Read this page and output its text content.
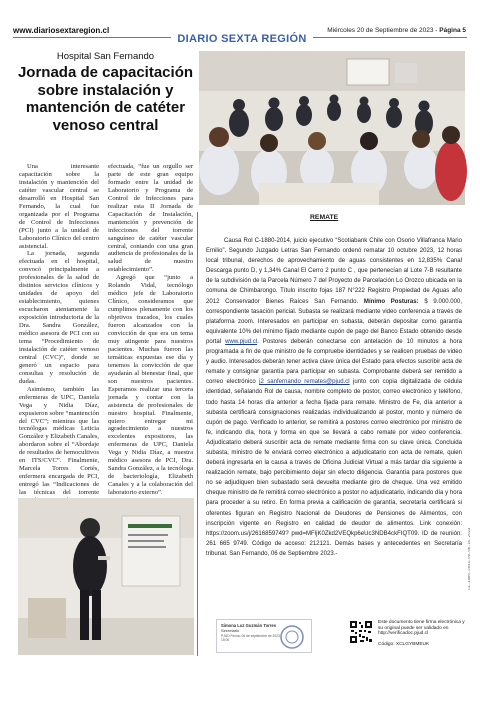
www.diariosextaregion.cl	Miércoles 20 de Septiembre de 2023 - Página 5
DIARIO SEXTA REGIÓN
Hospital San Fernando
Jornada de capacitación sobre instalación y mantención de catéter venoso central

Una interesante capacitación sobre la instalación y mantención del catéter vascular central se desarrolló en Hospital San Fernando, la cual fue organizada por el Programa de Control de Infecciones (PCI) junto a la unidad de Laboratorio Clínico del centro asistencial.

La jornada, segunda efectuada en el hospital, convocó principalmente a profesionales de la salud de distintos servicios clínicos y unidades de apoyo del establecimiento, quienes escucharon atentamente la exposición introductoria de la Dra. Sandra González, médico asesora de PCI con su tema “Procedimiento de instalación de catéter venoso central (CVC)”, donde se generó un espacio para consultas y resolución de dudas.

Asimismo, también las enfermeras de UPC, Daniela Vega y Nidia Díaz, expusieron sobre “mantención del CVC”; mientras que las tecnólogas médicas Leticia González y Elizabeth Canales, abordaron sobre el “Abordaje de resultados de hemocultivos en ITS/CVC”. Finalmente, Marcela Torres Cortés, enfermera encargada de PCI, entregó las “Indicaciones de las técnicas del torrente

efectuada, “fue un orgullo ser parte de este gran equipo formado entre la unidad de Laboratorio y Programa de Control de Infecciones para realizar esta II Jornada de Capacitación de Instalación, mantención y prevención de infecciones del torrente sanguíneo de catéter vascular central, contando con una gran audiencia de profesionales de la salud de nuestro establecimiento”.

Agregó que “junto a Rolando Vidal, tecnólogo médico jefe de Laboratorio Clínico, consideramos que cumplimos plenamente con los objetivos trazados, los cuales fueron alcanzados con la convicción de que era un tema muy atingente para nuestros pacientes. Muchas fueron las temáticas expuestas ese día y tenemos la convicción de que ayudarán al bienestar final, que son nuestros pacientes. Esperamos realizar una tercera jornada y contar con la asistencia de profesionales de nuestro hospital. Finalmente, quiero entregar mi agradecimiento a nuestros excelentes expositores, las enfermeras de UPC, Daniela Vega y Nidia Díaz, a nuestra médico asesora de PCI, Dra. Sandra González, a la tecnóloga de bacteriología, Elizabeth Canales y a la colaboración del laboratorio externo”.

REMATE

Causa Rol C-1880-2014, juicio ejecutivo “Scotiabank Chile con Osorio Villafranca Mario Emilio”. Segundo Juzgado Letras San Fernando ordenó rematar 10 octubre 2023, 12 horas local tribunal, derechos de aprovechamiento de aguas consistentes en 12,835% Canal Descarga punto D, y 1,34% Canal El Cerro 2 punto C , que pertenecían al Lote 7-B resultante de la subdivisión de la Parcela Número 7 del Proyecto de Parcelación Lo Orozco ubicada en la comuna de Chimbarongo. Título inscrito fojas 187 N°222 Registro Propiedad de Aguas año 2012 Conservador Bienes Raíces San Fernando. Mínimo Posturas: $ 9.000.000, correspondiente tasación pericial. Subasta se realizará mediante video conferencia a través de plataforma zoom. Interesados en participar en subasta, deberán depositar como garantía equivalente 10% del mínimo fijado mediante cupón de pago del Banco Estado obtenido desde portal www.pjud.cl. Postores deberán conectarse con antelación de 10 minutos a hora programada a fin de que ministro de fe compruebe identidades y se realicen pruebas de video y audio. Interesados deberán tener activa clave única del Estado para efectos suscribir acta de remate y consignar garantía para participar en subasta. Comprobante deberá ser remitido a correo electrónico j2_sanfernando_remates@pjud.cl junto con copia digitalizada de cédula identidad, señalando Rol de causa, nombre completo de postor, correo electrónico y teléfono, todo hasta 14 horas día anterior a fecha fijada para remate. Ministro de Fe, día anterior a subasta certificará consignaciones realizadas individualizando al postor, monto y número de cupón de pago. Verificado lo anterior, se remitirá a postores correo electrónico por ministro de fe, indicando día, hora y forma en que se llevará a cabo remate por video conferencia. Adjudicatario deberá suscribir acta de remate mediante firma con su clave única. Concluida subasta, ministro de fe enviará correo electrónico a adjudicatario con acta de remate, quien deberá ingresarla en la causa a través de Oficina Judicial Virtual a más tardar día siguiente a realización remate, bajo percibimiento dejar sin efecto diligencia. Garantía para postores que no se adjudiquen bien subastado será devuelta mediante giro de cheque. Una vez emitido cheque ministro de fe remitirá correo electrónico a postor no adjudicatario, indicando día y hora para proceder a su retiro. En forma previa a calificación de garantía, secretaría certificará si oferentes figuran en Registro Nacional de Deudores de Pensiones de Alimentos, con inscripción vigente en Registro en calidad de deudor de alimentos. Link conexión: https://zoom.us/j/2616859749? pwd=MFljK0Zkd2VEQkp6eUc3NDB4ckFIQT09. ID de reunión: 261 665 9749. Código de acceso: 212121. Demás bases y antecedentes en Secretaría tribunal. San Fernando, 06 de Septiembre 2023.-	C1-1880-2014-09-06-15 2023
Simona Luz Guzmán Torres
Secretario
PJUD Fecha: 06 de septiembre de 2023 15:00
Este documento tiene firma electrónica y su original puede ser validado en http://verificadoc.pjud.cl
Código: XCLGYBMEUK
